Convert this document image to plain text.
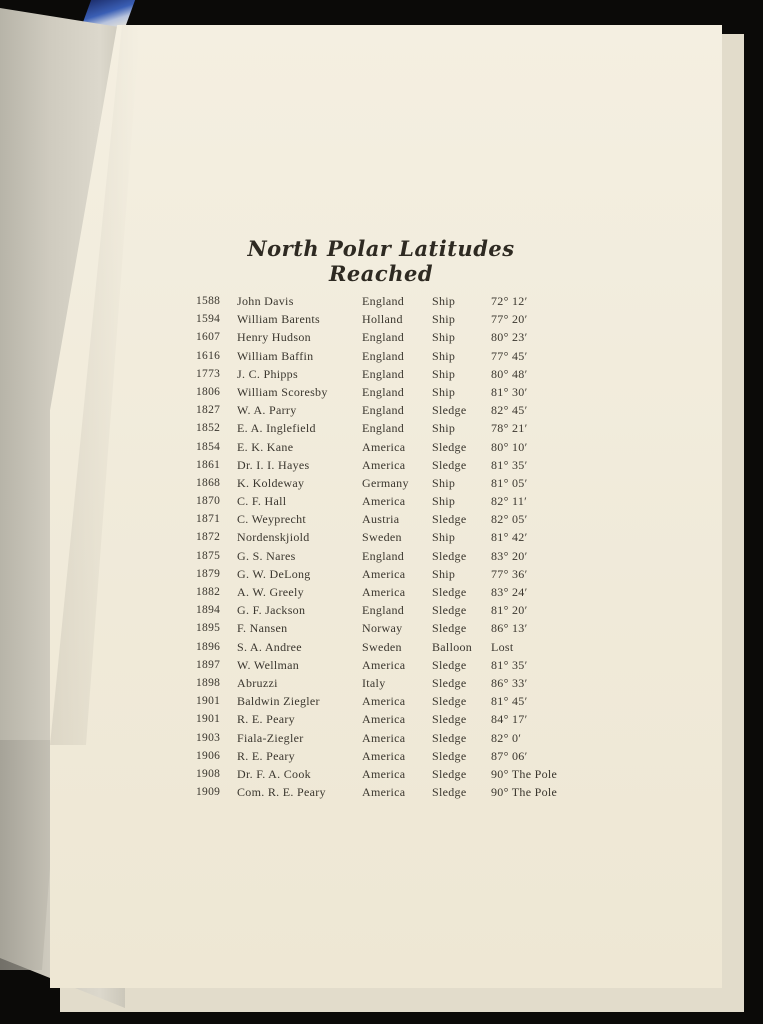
North Polar Latitudes Reached
1588	John Davis	England	Ship	72° 12′
1594	William Barents	Holland	Ship	77° 20′
1607	Henry Hudson	England	Ship	80° 23′
1616	William Baffin	England	Ship	77° 45′
1773	J. C. Phipps	England	Ship	80° 48′
1806	William Scoresby	England	Ship	81° 30′
1827	W. A. Parry	England	Sledge	82° 45′
1852	E. A. Inglefield	England	Ship	78° 21′
1854	E. K. Kane	America	Sledge	80° 10′
1861	Dr. I. I. Hayes	America	Sledge	81° 35′
1868	K. Koldeway	Germany	Ship	81° 05′
1870	C. F. Hall	America	Ship	82° 11′
1871	C. Weyprecht	Austria	Sledge	82° 05′
1872	Nordenskjiold	Sweden	Ship	81° 42′
1875	G. S. Nares	England	Sledge	83° 20′
1879	G. W. DeLong	America	Ship	77° 36′
1882	A. W. Greely	America	Sledge	83° 24′
1894	G. F. Jackson	England	Sledge	81° 20′
1895	F. Nansen	Norway	Sledge	86° 13′
1896	S. A. Andree	Sweden	Balloon	Lost
1897	W. Wellman	America	Sledge	81° 35′
1898	Abruzzi	Italy	Sledge	86° 33′
1901	Baldwin Ziegler	America	Sledge	81° 45′
1901	R. E. Peary	America	Sledge	84° 17′
1903	Fiala-Ziegler	America	Sledge	82° 0′
1906	R. E. Peary	America	Sledge	87° 06′
1908	Dr. F. A. Cook	America	Sledge	90° The Pole
1909	Com. R. E. Peary	America	Sledge	90° The Pole
